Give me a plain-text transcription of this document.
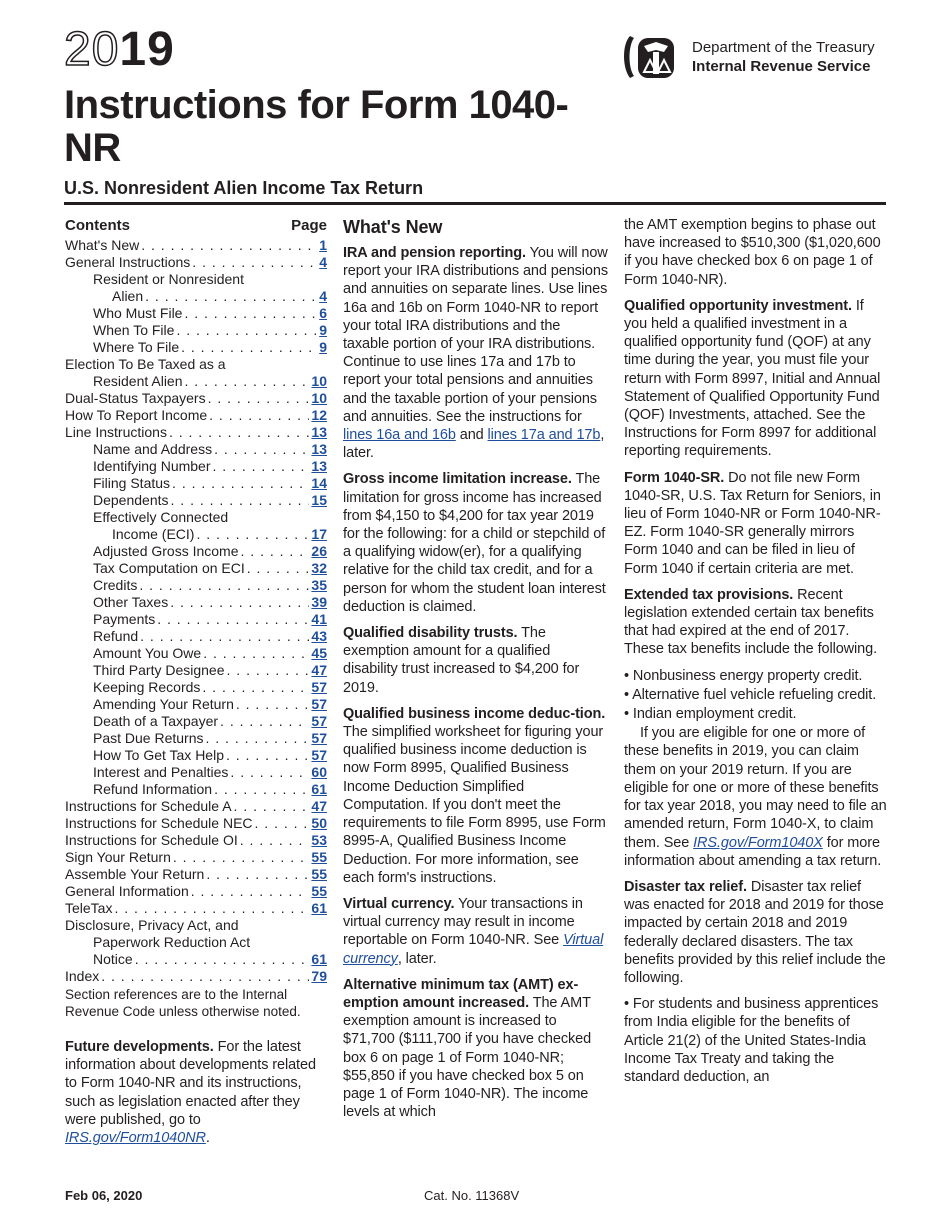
2019
Instructions for Form 1040-NR
U.S. Nonresident Alien Income Tax Return
Department of the Treasury
Internal Revenue Service
Contents	Page
What's New . . .	1
General Instructions . . .	4
Resident or Nonresident
Alien . . .	4
Who Must File . . .	6
When To File . . .	9
Where To File . . .	9
Election To Be Taxed as a
Resident Alien . . .	10
Dual-Status Taxpayers . . .	10
How To Report Income . . .	12
Line Instructions . . .	13
Name and Address . . .	13
Identifying Number . . .	13
Filing Status . . .	14
Dependents . . .	15
Effectively Connected
Income (ECI) . . .	17
Adjusted Gross Income . . .	26
Tax Computation on ECI . . .	32
Credits . . .	35
Other Taxes . . .	39
Payments . . .	41
Refund . . .	43
Amount You Owe . . .	45
Third Party Designee . . .	47
Keeping Records . . .	57
Amending Your Return . . .	57
Death of a Taxpayer . . .	57
Past Due Returns . . .	57
How To Get Tax Help . . .	57
Interest and Penalties . . .	60
Refund Information . . .	61
Instructions for Schedule A . . .	47
Instructions for Schedule NEC . . .	50
Instructions for Schedule OI . . .	53
Sign Your Return . . .	55
Assemble Your Return . . .	55
General Information . . .	55
TeleTax . . .	61
Disclosure, Privacy Act, and
Paperwork Reduction Act
Notice . . .	61
Index . . .	79
Section references are to the Internal Revenue Code unless otherwise noted.

Future developments. For the latest information about developments related to Form 1040-NR and its instructions, such as legislation enacted after they were published, go to IRS.gov/Form1040NR.

What's New

IRA and pension reporting. You will now report your IRA distributions and pensions and annuities on separate lines. Use lines 16a and 16b on Form 1040-NR to report your total IRA distributions and the taxable portion of your IRA distributions. Continue to use lines 17a and 17b to report your total pensions and annuities and the taxable portion of your pensions and annuities. See the instructions for lines 16a and 16b and lines 17a and 17b, later.

Gross income limitation increase. The limitation for gross income has increased from $4,150 to $4,200 for tax year 2019 for the following: for a child or stepchild of a qualifying widow(er), for a qualifying relative for the child tax credit, and for a person for whom the student loan interest deduction is claimed.

Qualified disability trusts. The exemption amount for a qualified disability trust increased to $4,200 for 2019.

Qualified business income deduc-tion. The simplified worksheet for figuring your qualified business income deduction is now Form 8995, Qualified Business Income Deduction Simplified Computation. If you don't meet the requirements to file Form 8995, use Form 8995-A, Qualified Business Income Deduction. For more information, see each form's instructions.

Virtual currency. Your transactions in virtual currency may result in income reportable on Form 1040-NR. See Virtual currency, later.

Alternative minimum tax (AMT) ex-emption amount increased. The AMT exemption amount is increased to $71,700 ($111,700 if you have checked box 6 on page 1 of Form 1040-NR; $55,850 if you have checked box 5 on page 1 of Form 1040-NR). The income levels at which

the AMT exemption begins to phase out have increased to $510,300 ($1,020,600 if you have checked box 6 on page 1 of Form 1040-NR).

Qualified opportunity investment. If you held a qualified investment in a qualified opportunity fund (QOF) at any time during the year, you must file your return with Form 8997, Initial and Annual Statement of Qualified Opportunity Fund (QOF) Investments, attached. See the Instructions for Form 8997 for additional reporting requirements.

Form 1040-SR. Do not file new Form 1040-SR, U.S. Tax Return for Seniors, in lieu of Form 1040-NR or Form 1040-NR-EZ. Form 1040-SR generally mirrors Form 1040 and can be filed in lieu of Form 1040 if certain criteria are met.

Extended tax provisions. Recent legislation extended certain tax benefits that had expired at the end of 2017. These tax benefits include the following.

• Nonbusiness energy property credit.

• Alternative fuel vehicle refueling credit.

• Indian employment credit.

If you are eligible for one or more of these benefits in 2019, you can claim them on your 2019 return. If you are eligible for one or more of these benefits for tax year 2018, you may need to file an amended return, Form 1040-X, to claim them. See IRS.gov/Form1040X for more information about amending a tax return.

Disaster tax relief. Disaster tax relief was enacted for 2018 and 2019 for those impacted by certain 2018 and 2019 federally declared disasters. The tax benefits provided by this relief include the following.

• For students and business apprentices from India eligible for the benefits of Article 21(2) of the United States-India Income Tax Treaty and taking the standard deduction, an

Feb 06, 2020	Cat. No. 11368V
